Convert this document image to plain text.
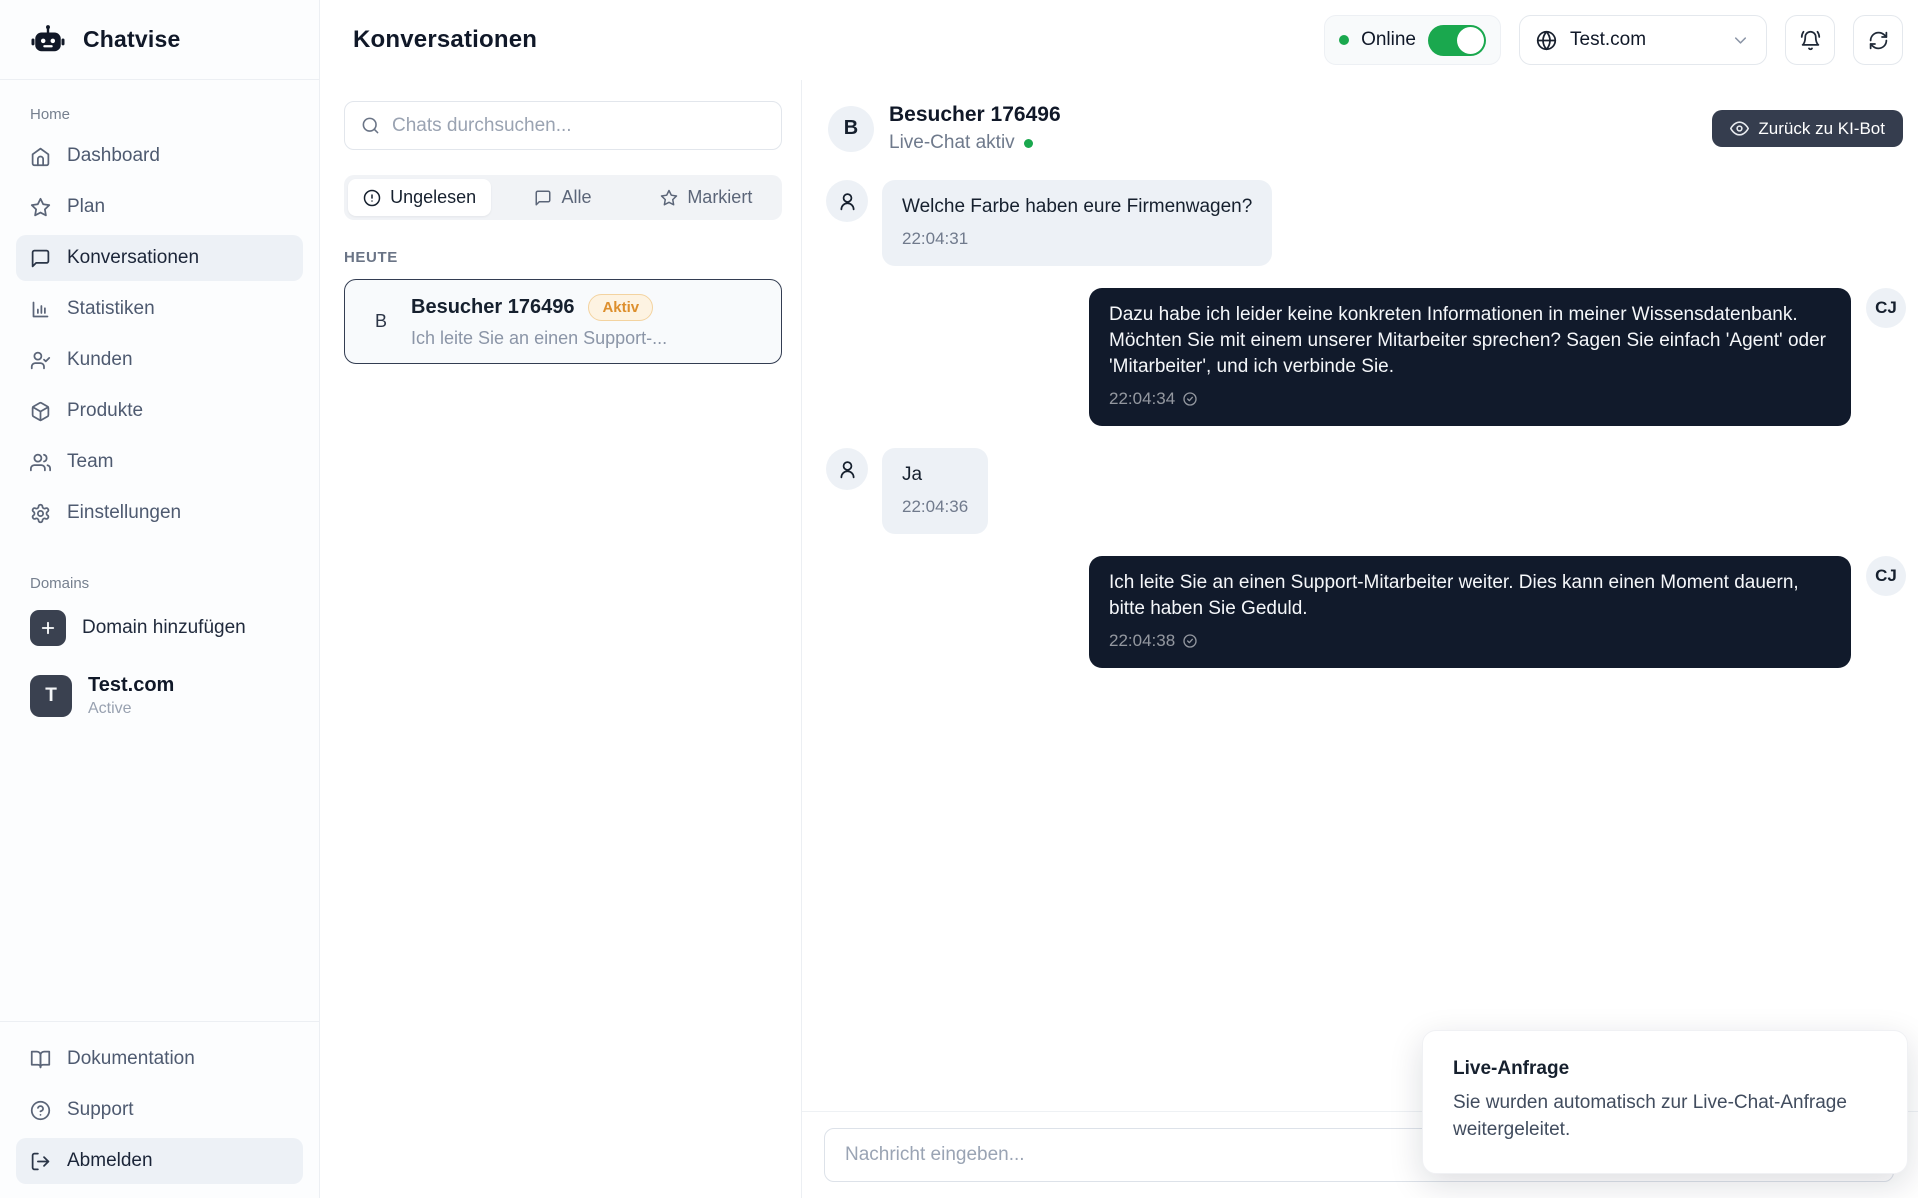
Chatvise
Home
Dashboard
Plan
Konversationen
Statistiken
Kunden
Produkte
Team
Einstellungen
Domains
Domain hinzufügen
T	Test.com
Active
Dokumentation
Support
Abmelden
Konversationen	Online	Test.com
Chats durchsuchen...
Ungelesen	Alle	Markiert
HEUTE
B
Besucher 176496	Aktiv
Ich leite Sie an einen Support-...
B
Besucher 176496
Live-Chat aktiv
Zurück zu KI-Bot
Welche Farbe haben eure Firmenwagen?
22:04:31
Dazu habe ich leider keine konkreten Informationen in meiner Wissensdatenbank. Möchten Sie mit einem unserer Mitarbeiter sprechen? Sagen Sie einfach 'Agent' oder 'Mitarbeiter', und ich verbinde Sie.
22:04:34
CJ
Ja
22:04:36
Ich leite Sie an einen Support-Mitarbeiter weiter. Dies kann einen Moment dauern, bitte haben Sie Geduld.
22:04:38
CJ
Nachricht eingeben...
Live-Anfrage
Sie wurden automatisch zur Live-Chat-Anfrage weitergeleitet.
